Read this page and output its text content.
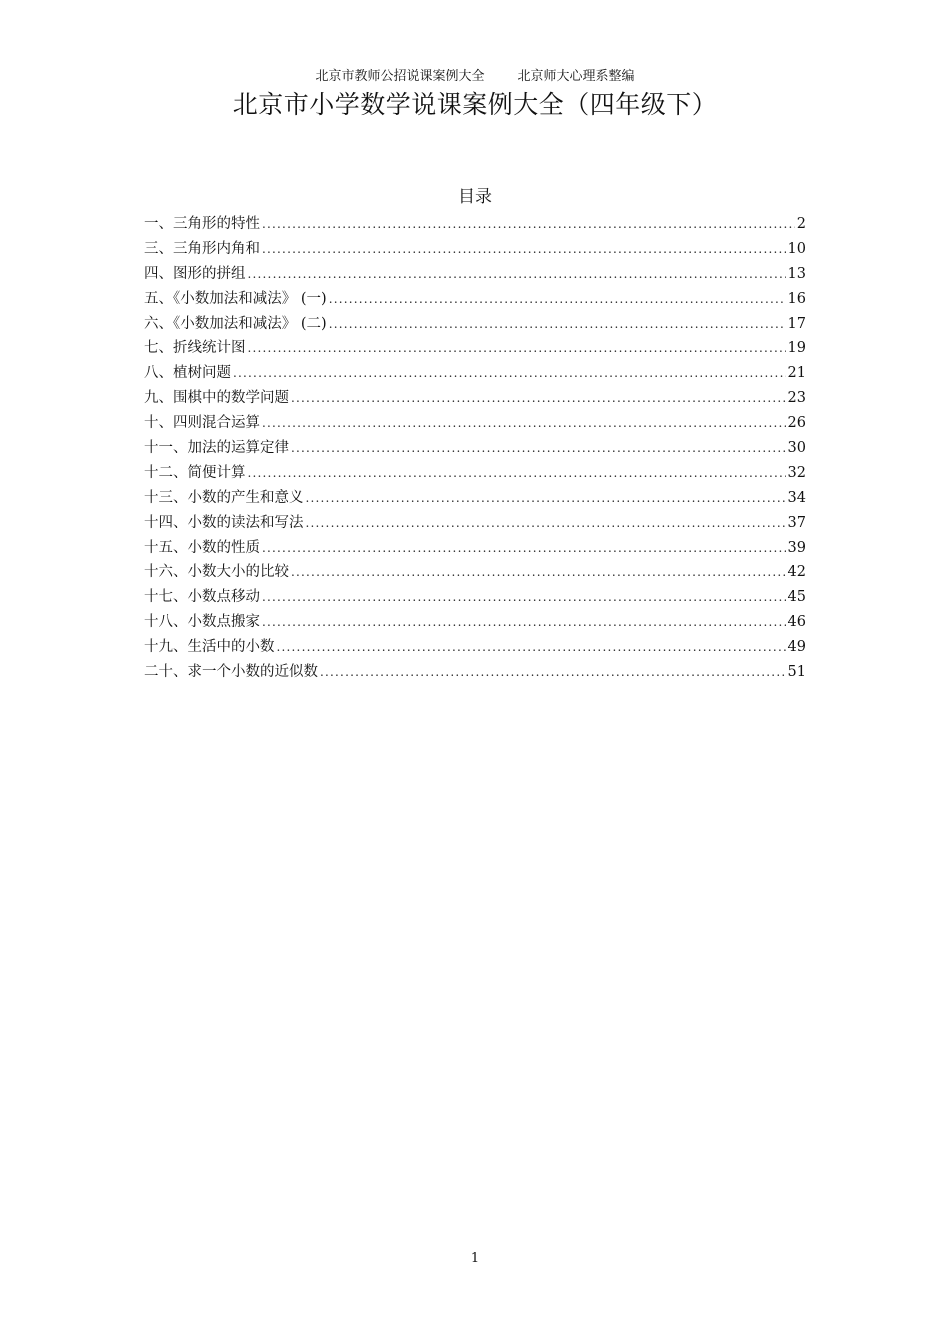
北京市教师公招说课案例大全        北京师大心理系整编
北京市小学数学说课案例大全（四年级下）
目录
一、三角形的特性 .....	2
三、三角形内角和 .....	10
四、图形的拼组 .....	13
五、《小数加法和减法》 (一) .....	16
六、《小数加法和减法》 (二) .....	17
七、折线统计图 .....	19
八、植树问题 .....	21
九、围棋中的数学问题 .....	23
十、四则混合运算 .....	26
十一、加法的运算定律 .....	30
十二、简便计算 .....	32
十三、小数的产生和意义 .....	34
十四、小数的读法和写法 .....	37
十五、小数的性质 .....	39
十六、小数大小的比较 .....	42
十七、小数点移动 .....	45
十八、小数点搬家 .....	46
十九、生活中的小数 .....	49
二十、求一个小数的近似数 .....	51
1
